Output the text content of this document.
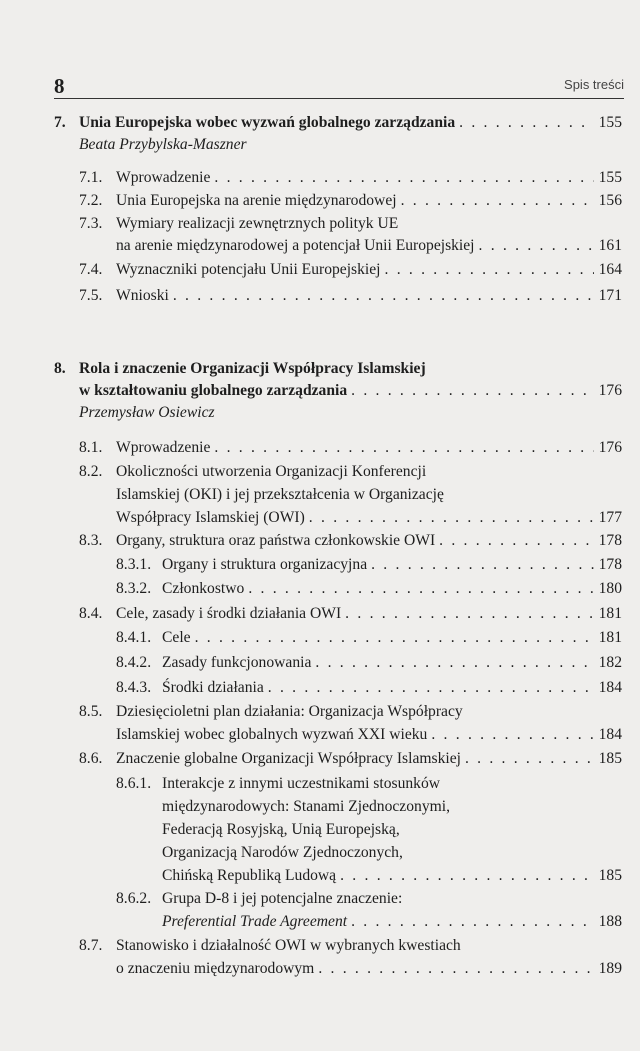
8	Spis treści
7. Unia Europejska wobec wyzwań globalnego zarządzania . . .	155
Beata Przybylska-Maszner
7.1. Wprowadzenie . . .	155
7.2. Unia Europejska na arenie międzynarodowej . . .	156
7.3. Wymiary realizacji zewnętrznych polityk UE
na arenie międzynarodowej a potencjał Unii Europejskiej . . .	161
7.4. Wyznaczniki potencjału Unii Europejskiej . . .	164
7.5. Wnioski . . .	171
8. Rola i znaczenie Organizacji Współpracy Islamskiej
w kształtowaniu globalnego zarządzania . . .	176
Przemysław Osiewicz
8.1. Wprowadzenie . . .	176
8.2. Okoliczności utworzenia Organizacji Konferencji
Islamskiej (OKI) i jej przekształcenia w Organizację
Współpracy Islamskiej (OWI) . . .	177
8.3. Organy, struktura oraz państwa członkowskie OWI . . .	178
8.3.1. Organy i struktura organizacyjna . . .	178
8.3.2. Członkostwo . . .	180
8.4. Cele, zasady i środki działania OWI . . .	181
8.4.1. Cele . . .	181
8.4.2. Zasady funkcjonowania . . .	182
8.4.3. Środki działania . . .	184
8.5. Dziesięcioletni plan działania: Organizacja Współpracy
Islamskiej wobec globalnych wyzwań XXI wieku . . .	184
8.6. Znaczenie globalne Organizacji Współpracy Islamskiej . . .	185
8.6.1. Interakcje z innymi uczestnikami stosunków
międzynarodowych: Stanami Zjednoczonymi,
Federacją Rosyjską, Unią Europejską,
Organizacją Narodów Zjednoczonych,
Chińską Republiką Ludową . . .	185
8.6.2. Grupa D-8 i jej potencjalne znaczenie:
Preferential Trade Agreement . . .	188
8.7. Stanowisko i działalność OWI w wybranych kwestiach
o znaczeniu międzynarodowym . . .	189
